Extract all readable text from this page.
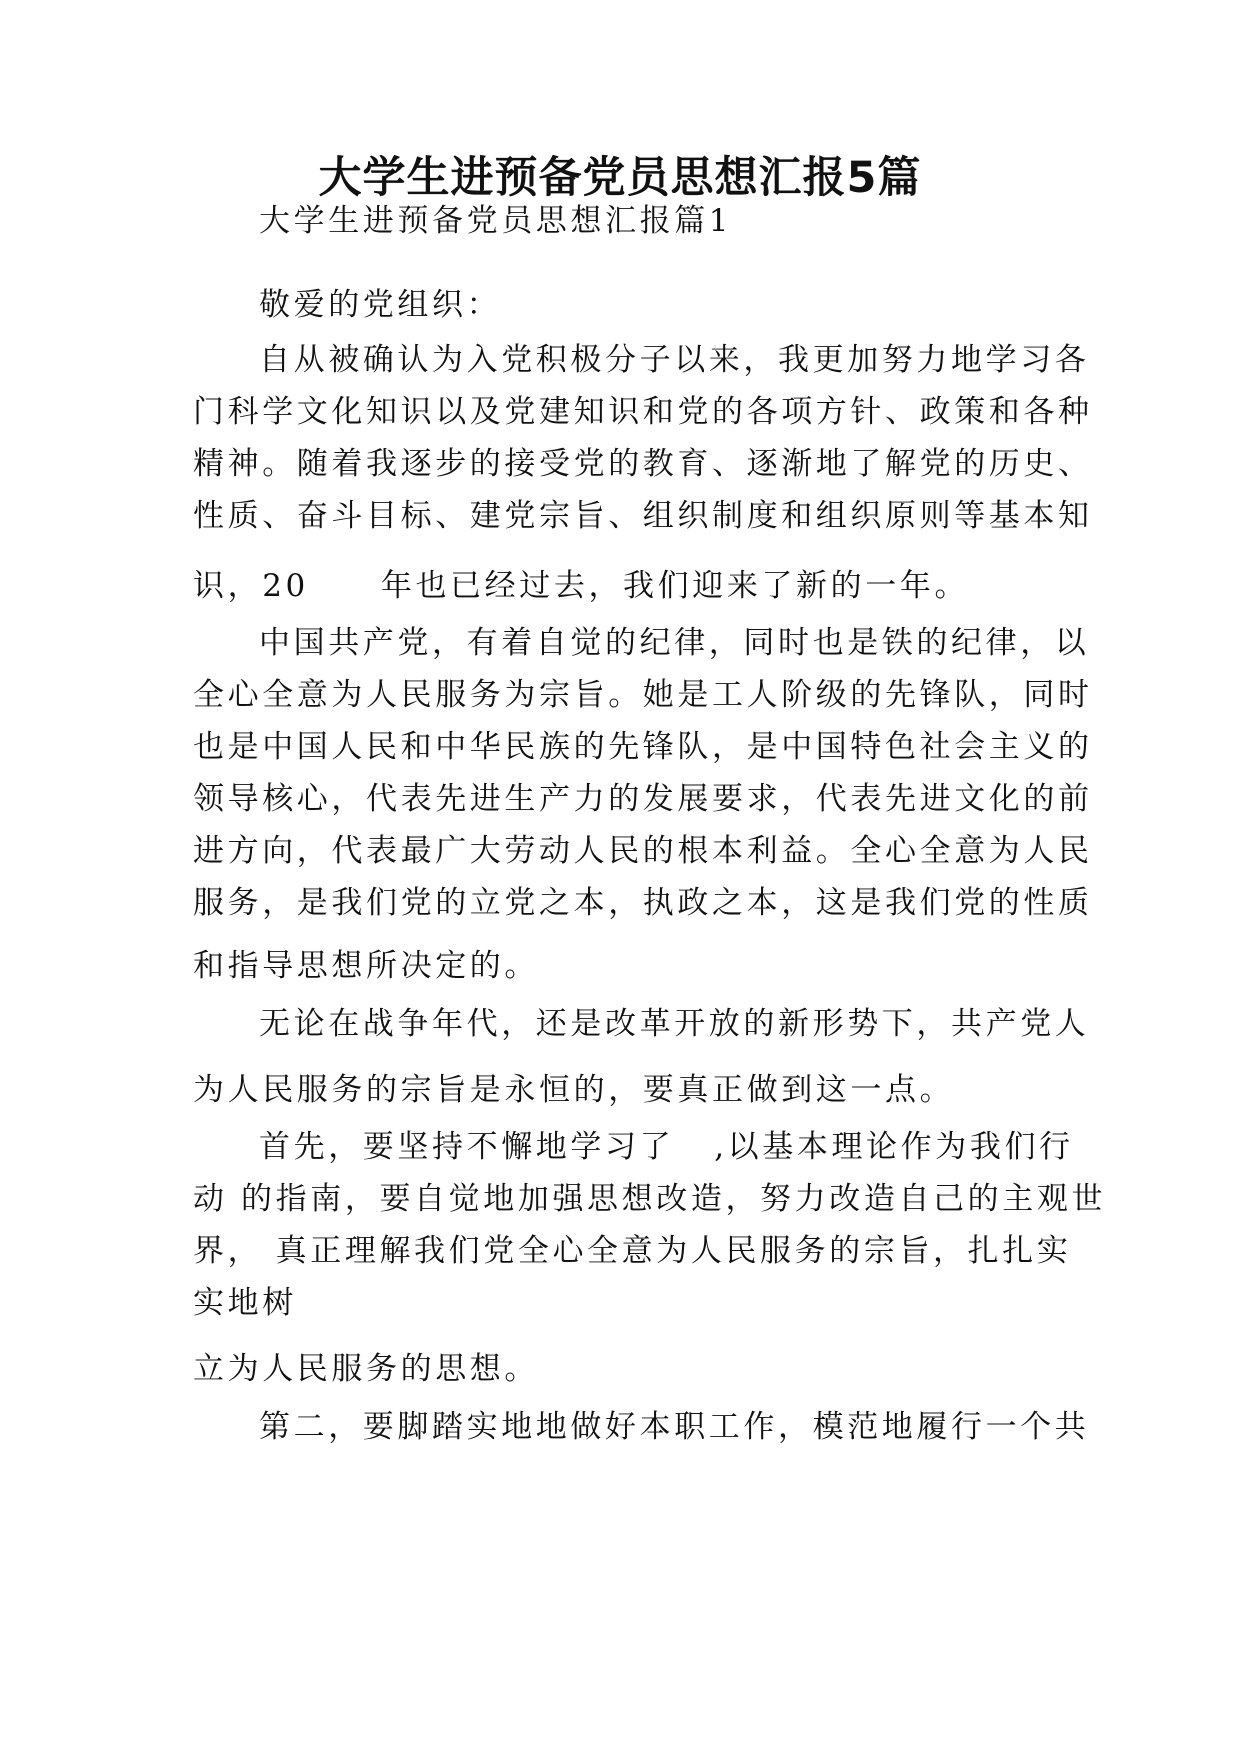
大学生进预备党员思想汇报5篇
大学生进预备党员思想汇报篇1
敬爱的党组织：
自从被确认为入党积极分子以来，我更加努力地学习各
门科学文化知识以及党建知识和党的各项方针、政策和各种
精神。随着我逐步的接受党的教育、逐渐地了解党的历史、
性质、奋斗目标、建党宗旨、组织制度和组织原则等基本知
识，20 年也已经过去，我们迎来了新的一年。
中国共产党，有着自觉的纪律，同时也是铁的纪律，以
全心全意为人民服务为宗旨。她是工人阶级的先锋队，同时
也是中国人民和中华民族的先锋队，是中国特色社会主义的
领导核心，代表先进生产力的发展要求，代表先进文化的前
进方向，代表最广大劳动人民的根本利益。全心全意为人民
服务，是我们党的立党之本，执政之本，这是我们党的性质
和指导思想所决定的。
无论在战争年代，还是改革开放的新形势下，共产党人
为人民服务的宗旨是永恒的，要真正做到这一点。
首先，要坚持不懈地学习了 ,以基本理论作为我们行
动 的指南，要自觉地加强思想改造，努力改造自己的主观世
界， 真正理解我们党全心全意为人民服务的宗旨，扎扎实
实地树
立为人民服务的思想。
第二，要脚踏实地地做好本职工作，模范地履行一个共
